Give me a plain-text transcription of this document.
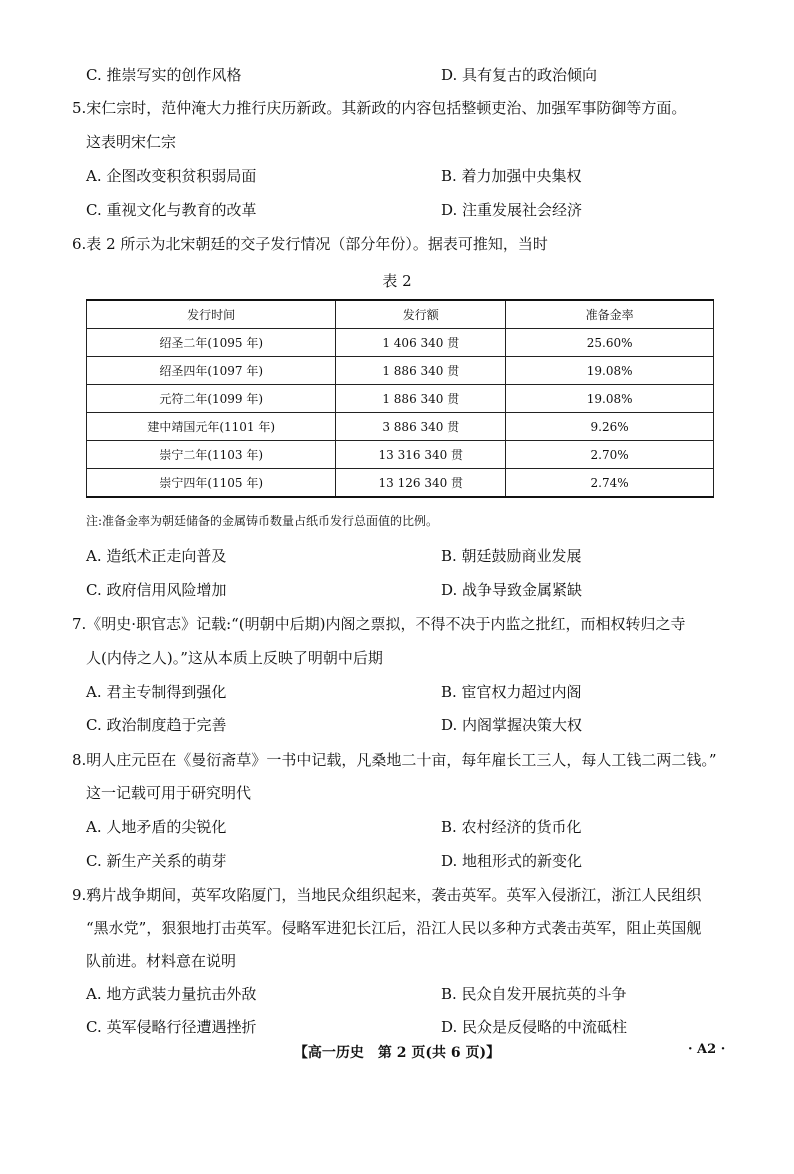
C. 推崇写实的创作风格	D. 具有复古的政治倾向
5.宋仁宗时，范仲淹大力推行庆历新政。其新政的内容包括整顿吏治、加强军事防御等方面。
这表明宋仁宗
A. 企图改变积贫积弱局面	B. 着力加强中央集权
C. 重视文化与教育的改革	D. 注重发展社会经济
6.表 2 所示为北宋朝廷的交子发行情况（部分年份）。据表可推知，当时
表 2
发行时间	发行额	准备金率
绍圣二年(1095 年)	1 406 340 贯	25.60%
绍圣四年(1097 年)	1 886 340 贯	19.08%
元符二年(1099 年)	1 886 340 贯	19.08%
建中靖国元年(1101 年)	3 886 340 贯	9.26%
崇宁二年(1103 年)	13 316 340 贯	2.70%
崇宁四年(1105 年)	13 126 340 贯	2.74%
注:准备金率为朝廷储备的金属铸币数量占纸币发行总面值的比例。
A. 造纸术正走向普及	B. 朝廷鼓励商业发展
C. 政府信用风险增加	D. 战争导致金属紧缺
7.《明史·职官志》记载:“(明朝中后期)内阁之票拟，不得不决于内监之批红，而相权转归之寺
人(内侍之人)。”这从本质上反映了明朝中后期
A. 君主专制得到强化	B. 宦官权力超过内阁
C. 政治制度趋于完善	D. 内阁掌握决策大权
8.明人庄元臣在《曼衍斋草》一书中记载，凡桑地二十亩，每年雇长工三人，每人工钱二两二钱。”
这一记载可用于研究明代
A. 人地矛盾的尖锐化	B. 农村经济的货币化
C. 新生产关系的萌芽	D. 地租形式的新变化
9.鸦片战争期间，英军攻陷厦门，当地民众组织起来，袭击英军。英军入侵浙江，浙江人民组织
“黑水党”，狠狠地打击英军。侵略军进犯长江后，沿江人民以多种方式袭击英军，阻止英国舰
队前进。材料意在说明
A. 地方武装力量抗击外敌	B. 民众自发开展抗英的斗争
C. 英军侵略行径遭遇挫折	D. 民众是反侵略的中流砥柱
【高一历史　第 2 页(共 6 页)】	· A2 ·
